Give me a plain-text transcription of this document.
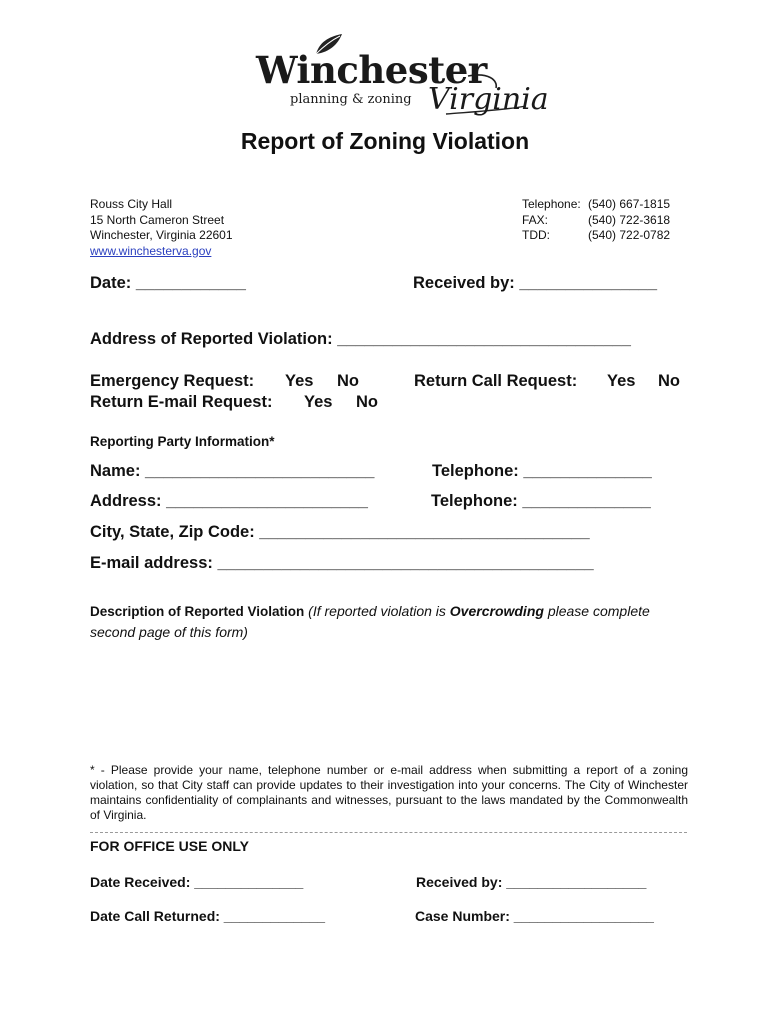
Winchester
planning & zoning Virginia
Report of Zoning Violation
Rouss City Hall
15 North Cameron Street
Winchester, Virginia 22601
www.winchesterva.gov
Telephone: (540) 667-1815
FAX:	(540) 722-3618
TDD:	(540) 722-0782
Date: ____________	Received by: _______________
Address of Reported Violation: ________________________________
Emergency Request: Yes No	Return Call Request: Yes No
Return E-mail Request: Yes No
Reporting Party Information*
Name: _________________________	Telephone: ______________
Address: ______________________	Telephone: ______________
City, State, Zip Code: ____________________________________
E-mail address: _________________________________________
Description of Reported Violation (If reported violation is Overcrowding please complete second page of this form)
* - Please provide your name, telephone number or e-mail address when submitting a report of a zoning violation, so that City staff can provide updates to their investigation into your concerns. The City of Winchester maintains confidentiality of complainants and witnesses, pursuant to the laws mandated by the Commonwealth of Virginia.
FOR OFFICE USE ONLY
Date Received: ______________	Received by: __________________
Date Call Returned: _____________	Case Number: __________________
